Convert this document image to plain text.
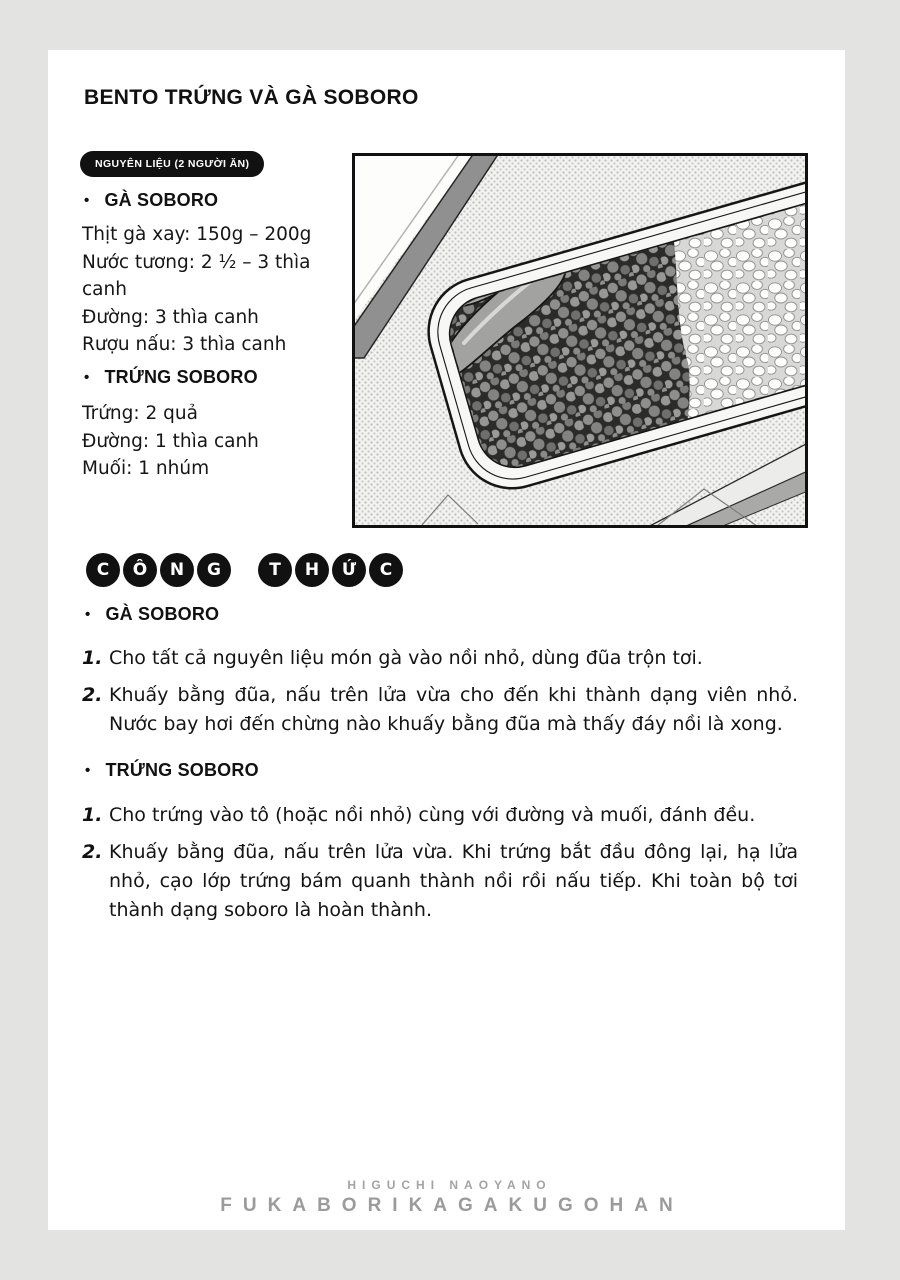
BENTO TRỨNG VÀ GÀ SOBORO
NGUYÊN LIỆU (2 NGƯỜI ĂN)
• GÀ SOBORO

Thịt gà xay: 150g – 200g

Nước tương: 2 ½ – 3 thìa canh

Đường: 3 thìa canh

Rượu nấu: 3 thìa canh

• TRỨNG SOBORO

Trứng: 2 quả

Đường: 1 thìa canh

Muối: 1 nhúm

C	Ô	N	G	T	H	Ứ	C
• GÀ SOBORO
1. Cho tất cả nguyên liệu món gà vào nồi nhỏ, dùng đũa trộn tơi.
2. Khuấy bằng đũa, nấu trên lửa vừa cho đến khi thành dạng viên nhỏ. Nước bay hơi đến chừng nào khuấy bằng đũa mà thấy đáy nồi là xong.
• TRỨNG SOBORO
1. Cho trứng vào tô (hoặc nồi nhỏ) cùng với đường và muối, đánh đều.
2. Khuấy bằng đũa, nấu trên lửa vừa. Khi trứng bắt đầu đông lại, hạ lửa nhỏ, cạo lớp trứng bám quanh thành nồi rồi nấu tiếp. Khi toàn bộ tơi thành dạng soboro là hoàn thành.
HIGUCHI NAOYANO
FUKABORIKAGAKUGOHAN
